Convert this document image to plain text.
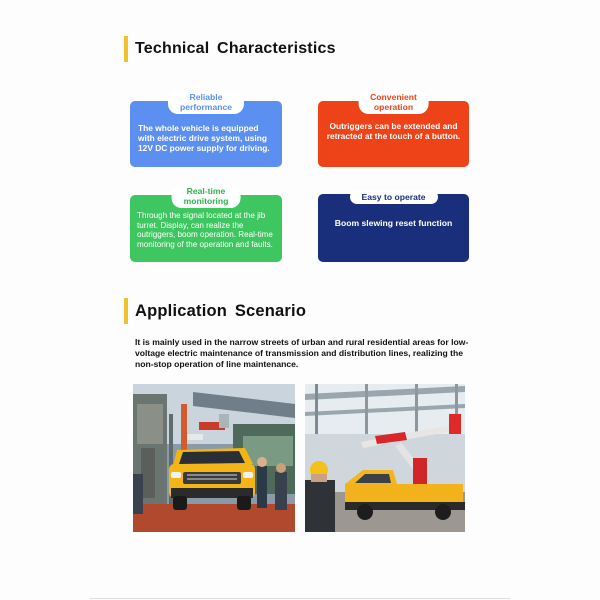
Technical Characteristics
Reliable
performance
The whole vehicle is equipped with electric drive system, using 12V DC power supply for driving.
Convenient
operation
Outriggers can be extended and retracted at the touch of a button.
Real-time
monitoring
Through the signal located at the jib turret. Display, can realize the outriggers, boom operation. Real-time monitoring of the operation and faults.
Easy to operate
Boom slewing reset function
Application Scenario
It is mainly used in the narrow streets of urban and rural residential areas for low-voltage electric maintenance of transmission and distribution lines, realizing the non-stop operation of line maintenance.
